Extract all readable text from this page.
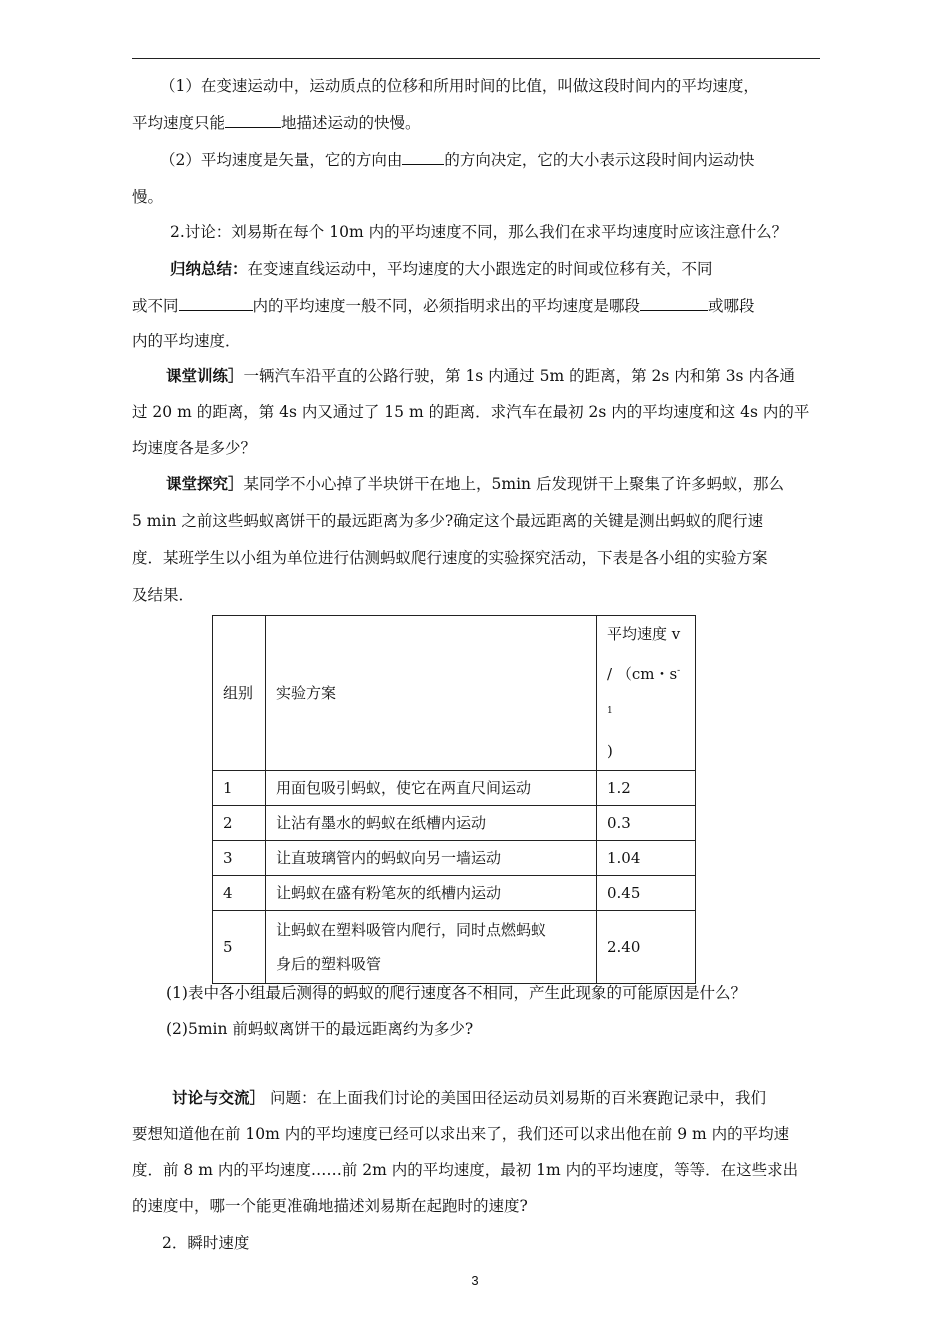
（1）在变速运动中，运动质点的位移和所用时间的比值，叫做这段时间内的平均速度，
平均速度只能	地描述运动的快慢。
（2）平均速度是矢量，它的方向由	的方向决定，它的大小表示这段时间内运动快
慢。
2.讨论：刘易斯在每个 10m 内的平均速度不同，那么我们在求平均速度时应该注意什么？
归纳总结：在变速直线运动中，平均速度的大小跟选定的时间或位移有关，不同
或不同	内的平均速度一般不同，必须指明求出的平均速度是哪段	或哪段
内的平均速度．
课堂训练］一辆汽车沿平直的公路行驶，第 1s 内通过 5m 的距离，第 2s 内和第 3s 内各通
过 20 m 的距离，第 4s 内又通过了 15 m 的距离．求汽车在最初 2s 内的平均速度和这 4s 内的平
均速度各是多少？
课堂探究］某同学不小心掉了半块饼干在地上，5min 后发现饼干上聚集了许多蚂蚁，那么
5 min 之前这些蚂蚁离饼干的最远距离为多少?确定这个最远距离的关键是测出蚂蚁的爬行速
度．某班学生以小组为单位进行估测蚂蚁爬行速度的实验探究活动，下表是各小组的实验方案
及结果．
组别	实验方案	平均速度 v
/ （cm・$s^{-1}$
)
1	用面包吸引蚂蚁，使它在两直尺间运动	1.2
2	让沾有墨水的蚂蚁在纸槽内运动	0.3
3	让直玻璃管内的蚂蚁向另一墙运动	1.04
4	让蚂蚁在盛有粉笔灰的纸槽内运动	0.45
5	让蚂蚁在塑料吸管内爬行，同时点燃蚂蚁
身后的塑料吸管	2.40
(1)表中各小组最后测得的蚂蚁的爬行速度各不相同，产生此现象的可能原因是什么？
(2)5min 前蚂蚁离饼干的最远距离约为多少?
讨论与交流］ 问题：在上面我们讨论的美国田径运动员刘易斯的百米赛跑记录中，我们
要想知道他在前 10m 内的平均速度已经可以求出来了，我们还可以求出他在前 9 m 内的平均速
度．前 8 m 内的平均速度……前 2m 内的平均速度，最初 1m 内的平均速度，等等．在这些求出
的速度中，哪一个能更准确地描述刘易斯在起跑时的速度?
2．瞬时速度
3
